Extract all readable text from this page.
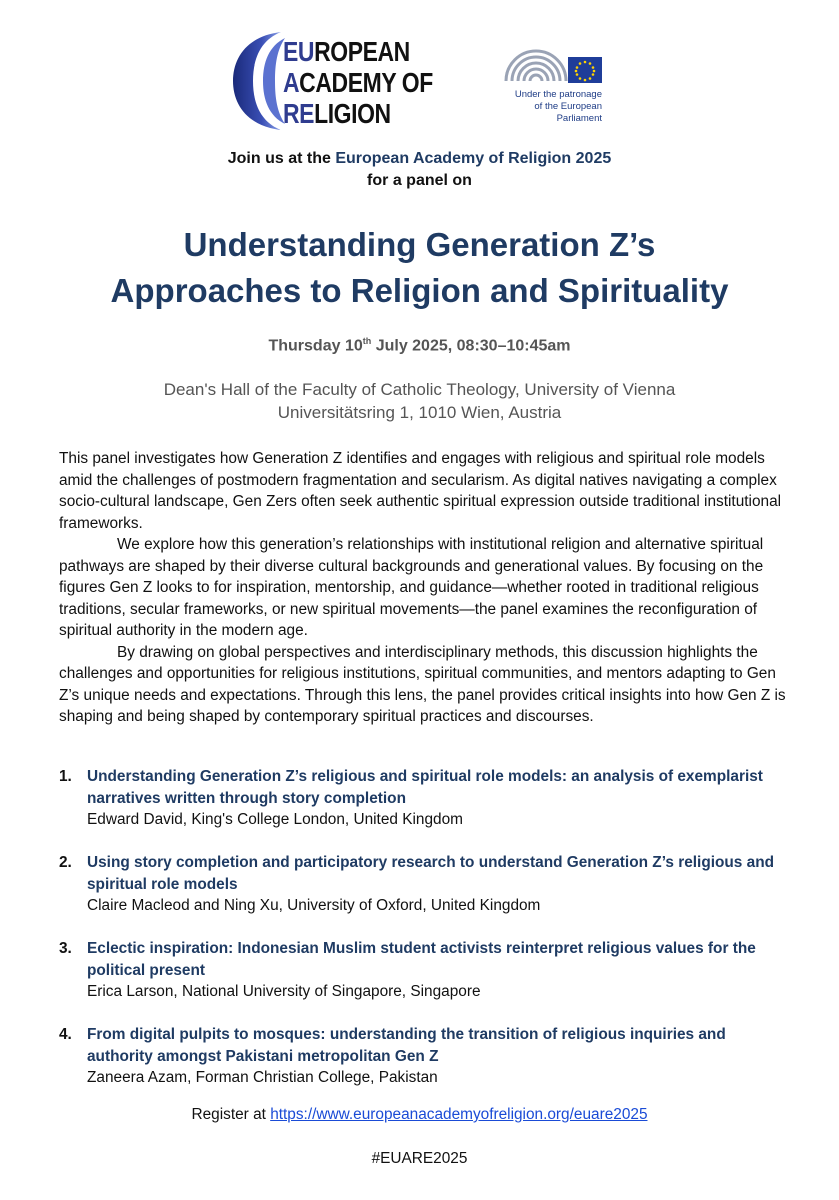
EUROPEAN
ACADEMY OF
RELIGION
Under the patronage
of the European Parliament
Join us at the European Academy of Religion 2025
for a panel on
Understanding Generation Z’s
Approaches to Religion and Spirituality
Thursday 10th July 2025, 08:30–10:45am
Dean's Hall of the Faculty of Catholic Theology, University of Vienna
Universitätsring 1, 1010 Wien, Austria

This panel investigates how Generation Z identifies and engages with religious and spiritual role models amid the challenges of postmodern fragmentation and secularism. As digital natives navigating a complex socio-cultural landscape, Gen Zers often seek authentic spiritual expression outside traditional institutional frameworks.

We explore how this generation’s relationships with institutional religion and alternative spiritual pathways are shaped by their diverse cultural backgrounds and generational values. By focusing on the figures Gen Z looks to for inspiration, mentorship, and guidance—whether rooted in traditional religious traditions, secular frameworks, or new spiritual movements—the panel examines the reconfiguration of spiritual authority in the modern age.

By drawing on global perspectives and interdisciplinary methods, this discussion highlights the challenges and opportunities for religious institutions, spiritual communities, and mentors adapting to Gen Z’s unique needs and expectations. Through this lens, the panel provides critical insights into how Gen Z is shaping and being shaped by contemporary spiritual practices and discourses.

1. Understanding Generation Z’s religious and spiritual role models: an analysis of exemplarist narratives written through story completion
Edward David, King's College London, United Kingdom
2. Using story completion and participatory research to understand Generation Z’s religious and spiritual role models
Claire Macleod and Ning Xu, University of Oxford, United Kingdom
3. Eclectic inspiration: Indonesian Muslim student activists reinterpret religious values for the political present
Erica Larson, National University of Singapore, Singapore
4. From digital pulpits to mosques: understanding the transition of religious inquiries and authority amongst Pakistani metropolitan Gen Z
Zaneera Azam, Forman Christian College, Pakistan
Register at https://www.europeanacademyofreligion.org/euare2025
#EUARE2025
